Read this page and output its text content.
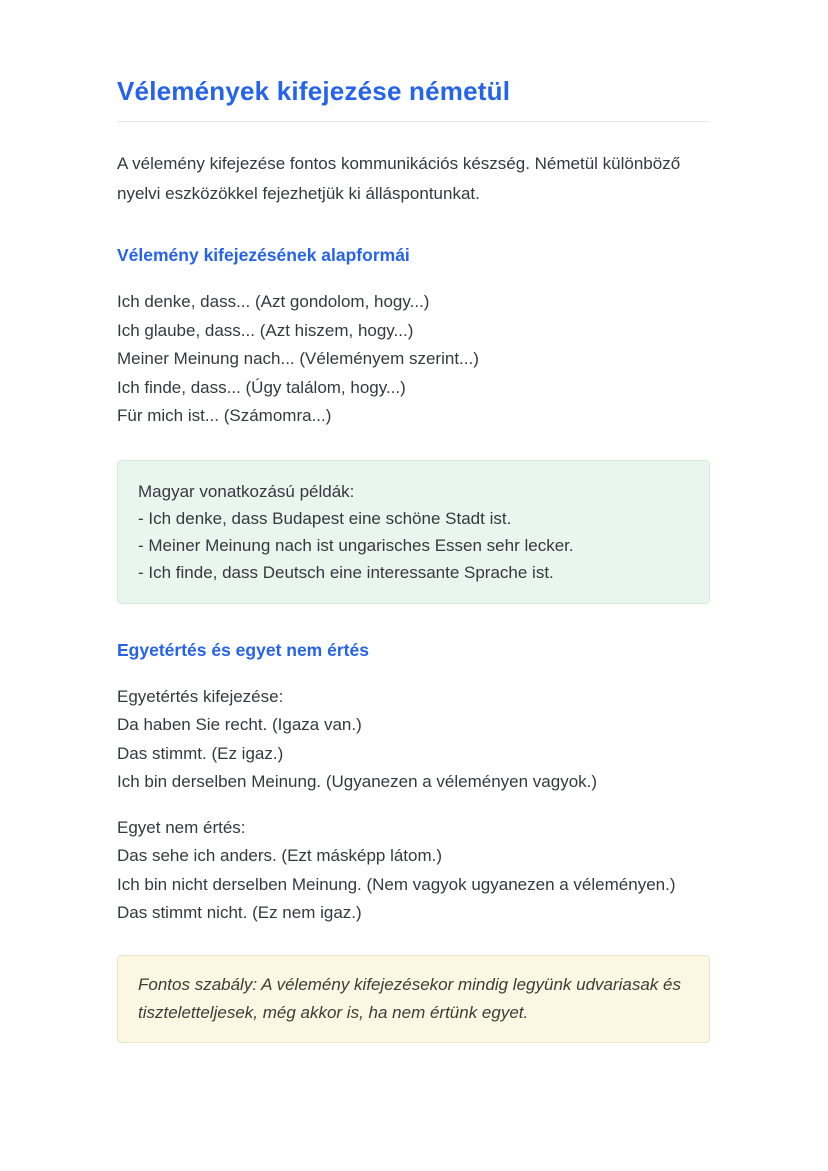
Vélemények kifejezése németül

A vélemény kifejezése fontos kommunikációs készség. Németül különböző nyelvi eszközökkel fejezhetjük ki álláspontunkat.

Vélemény kifejezésének alapformái
Ich denke, dass... (Azt gondolom, hogy...)
Ich glaube, dass... (Azt hiszem, hogy...)
Meiner Meinung nach... (Véleményem szerint...)
Ich finde, dass... (Úgy találom, hogy...)
Für mich ist... (Számomra...)
Magyar vonatkozású példák:
- Ich denke, dass Budapest eine schöne Stadt ist.
- Meiner Meinung nach ist ungarisches Essen sehr lecker.
- Ich finde, dass Deutsch eine interessante Sprache ist.
Egyetértés és egyet nem értés
Egyetértés kifejezése:
Da haben Sie recht. (Igaza van.)
Das stimmt. (Ez igaz.)
Ich bin derselben Meinung. (Ugyanezen a véleményen vagyok.)
Egyet nem értés:
Das sehe ich anders. (Ezt másképp látom.)
Ich bin nicht derselben Meinung. (Nem vagyok ugyanezen a véleményen.)
Das stimmt nicht. (Ez nem igaz.)
Fontos szabály: A vélemény kifejezésekor mindig legyünk udvariasak és tiszteletteljesek, még akkor is, ha nem értünk egyet.
